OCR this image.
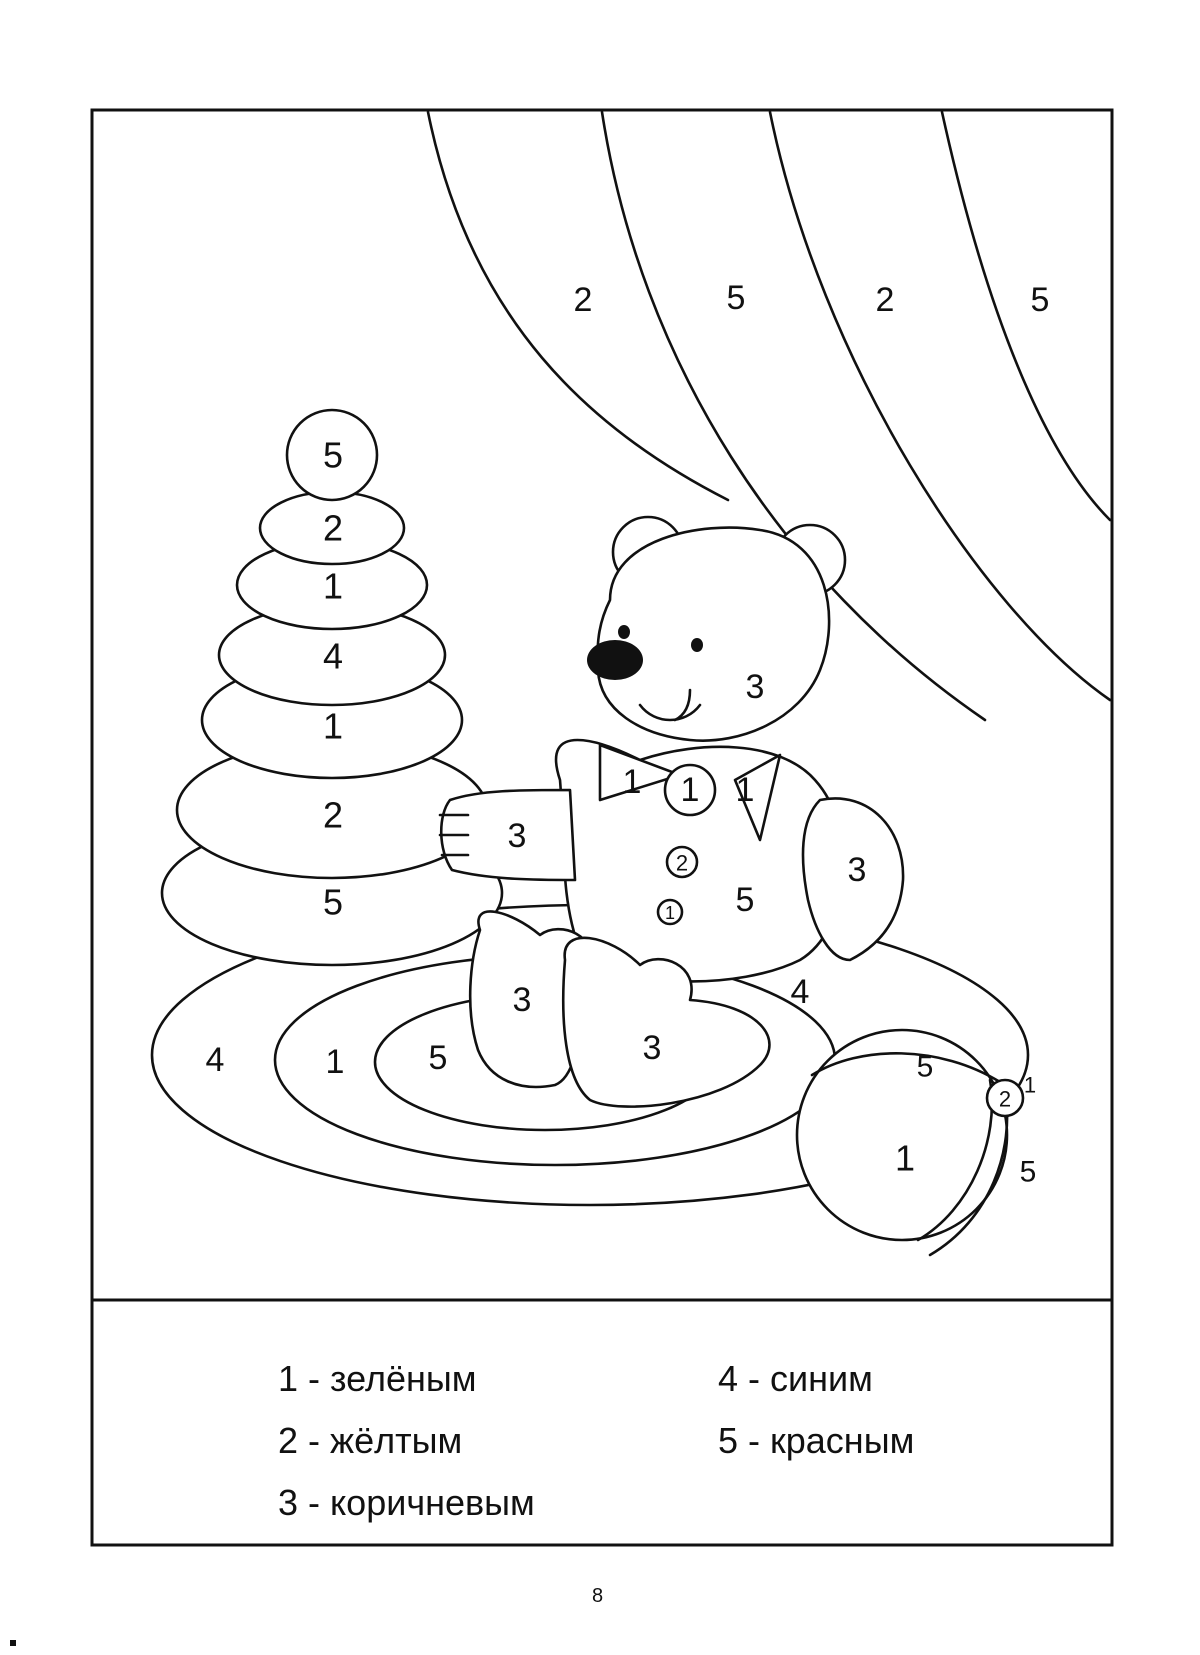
2	5	2	5
4	1 5
5
2
1
4
1
2
5
3
1 1 1
3
2
1 5
3
3
3
4
5
2
1
1	5
1 - зелёным
2 - жёлтым
3 - коричневым
4 - синим
5 - красным
8
